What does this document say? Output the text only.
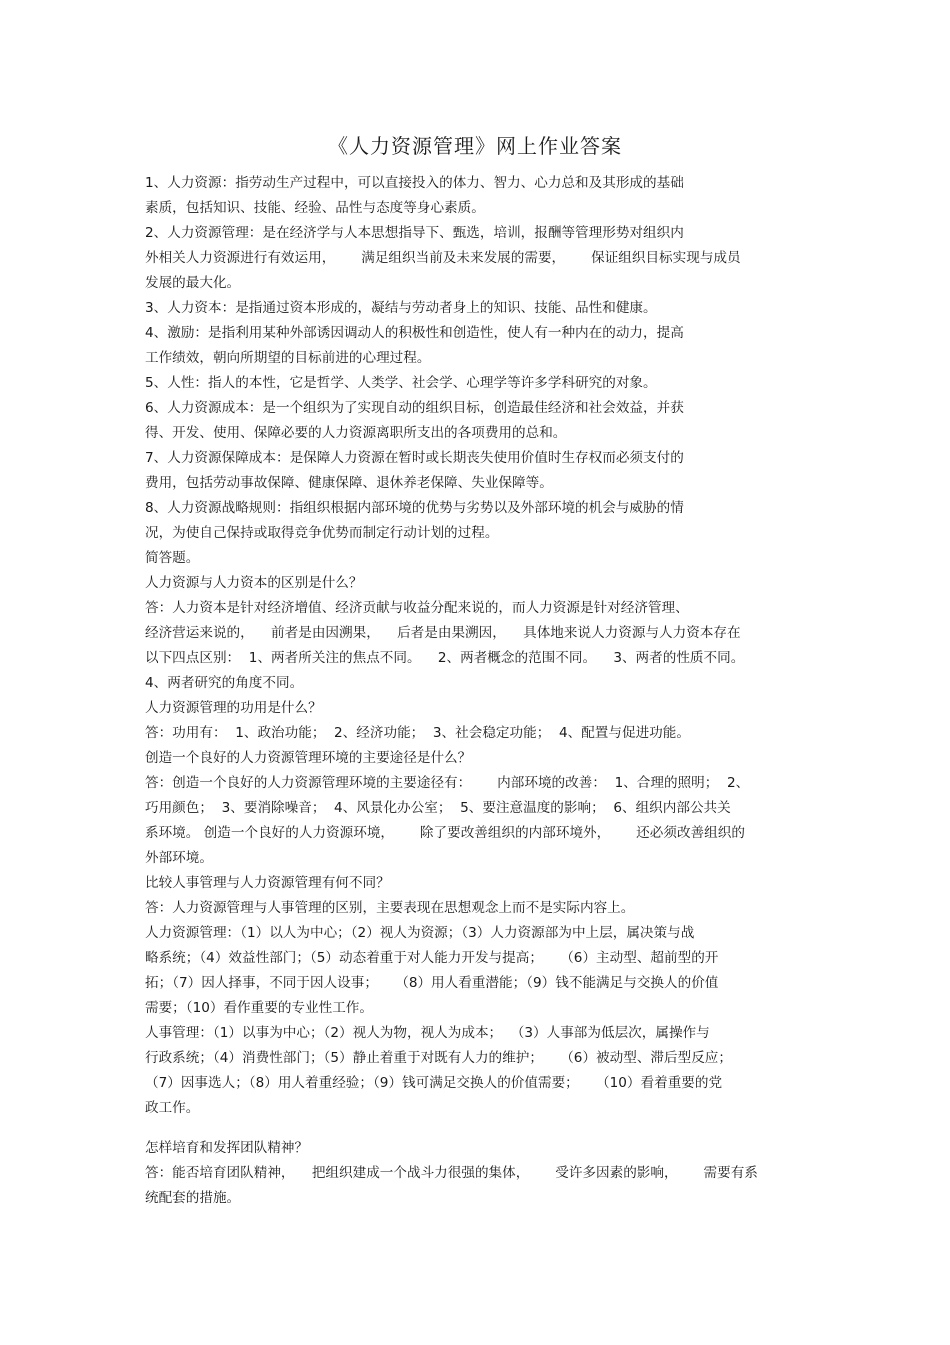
《人力资源管理》网上作业答案
1、人力资源：指劳动生产过程中，可以直接投入的体力、智力、心力总和及其形成的基础
素质，包括知识、技能、经验、品性与态度等身心素质。
2、人力资源管理：是在经济学与人本思想指导下、甄选，培训，报酬等管理形势对组织内
外相关人力资源进行有效运用，      满足组织当前及未来发展的需要，      保证组织目标实现与成员
发展的最大化。
3、人力资本：是指通过资本形成的，凝结与劳动者身上的知识、技能、品性和健康。
4、激励：是指利用某种外部诱因调动人的积极性和创造性，使人有一种内在的动力，提高
工作绩效，朝向所期望的目标前进的心理过程。
5、人性：指人的本性，它是哲学、人类学、社会学、心理学等许多学科研究的对象。
6、人力资源成本：是一个组织为了实现自动的组织目标，创造最佳经济和社会效益，并获
得、开发、使用、保障必要的人力资源离职所支出的各项费用的总和。
7、人力资源保障成本：是保障人力资源在暂时或长期丧失使用价值时生存权而必须支付的
费用，包括劳动事故保障、健康保障、退休养老保障、失业保障等。
8、人力资源战略规则：指组织根据内部环境的优势与劣势以及外部环境的机会与威胁的情
况，为使自己保持或取得竞争优势而制定行动计划的过程。
简答题。
人力资源与人力资本的区别是什么？
答：人力资本是针对经济增值、经济贡献与收益分配来说的，而人力资源是针对经济管理、
经济营运来说的，    前者是由因溯果，    后者是由果溯因，    具体地来说人力资源与人力资本存在
以下四点区别：  1、两者所关注的焦点不同。    2、两者概念的范围不同。    3、两者的性质不同。
4、两者研究的角度不同。
人力资源管理的功用是什么？
答：功用有：  1、政治功能；  2、经济功能；  3、社会稳定功能；  4、配置与促进功能。
创造一个良好的人力资源管理环境的主要途径是什么？
答：创造一个良好的人力资源管理环境的主要途径有：      内部环境的改善：  1、合理的照明；  2、
巧用颜色；  3、要消除噪音；  4、风景化办公室；  5、要注意温度的影响；  6、组织内部公共关
系环境。 创造一个良好的人力资源环境，      除了要改善组织的内部环境外，      还必须改善组织的
外部环境。
比较人事管理与人力资源管理有何不同？
答：人力资源管理与人事管理的区别，主要表现在思想观念上而不是实际内容上。
人力资源管理：（1）以人为中心；（2）视人为资源；（3）人力资源部为中上层，属决策与战
略系统；（4）效益性部门；（5）动态着重于对人能力开发与提高；    （6）主动型、超前型的开
拓；（7）因人择事，不同于因人设事；    （8）用人看重潜能；（9）钱不能满足与交换人的价值
需要；（10）看作重要的专业性工作。
人事管理：（1）以事为中心；（2）视人为物，视人为成本；  （3）人事部为低层次，属操作与
行政系统；（4）消费性部门；（5）静止着重于对既有人力的维护；    （6）被动型、滞后型反应；
（7）因事选人；（8）用人着重经验；（9）钱可满足交换人的价值需要；    （10）看着重要的党
政工作。
怎样培育和发挥团队精神？
答：能否培育团队精神，    把组织建成一个战斗力很强的集体，      受许多因素的影响，      需要有系
统配套的措施。
